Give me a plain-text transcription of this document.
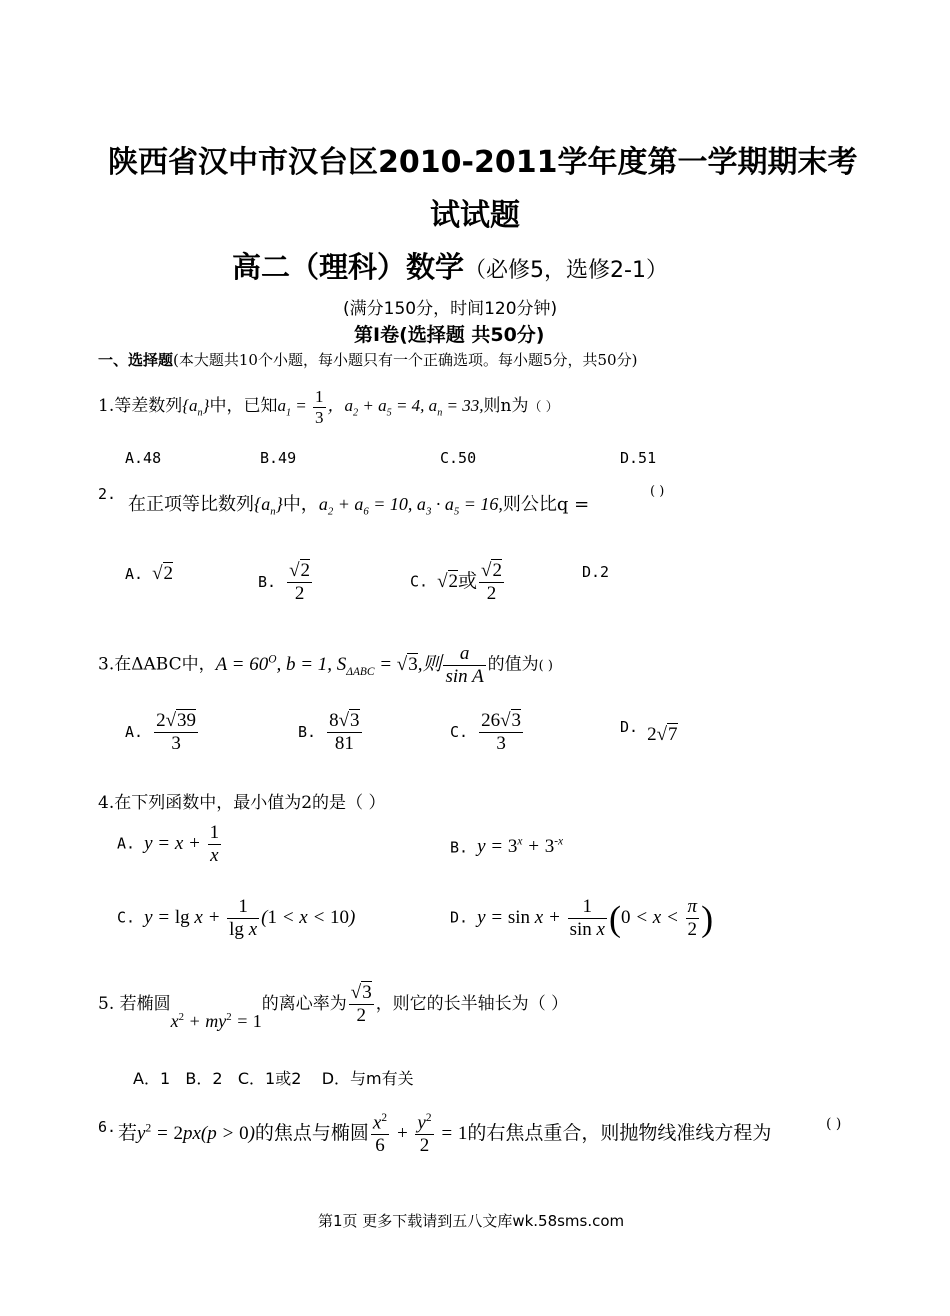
陕西省汉中市汉台区2010-2011学年度第一学期期末考
试试题
高二（理科）数学（必修5，选修2-1）
(满分150分，时间120分钟)
第I卷(选择题 共50分)
一、选择题(本大题共10个小题，每小题只有一个正确选项。每小题5分，共50分)
1.等差数列$\{a_n\}$中，已知$a_1 = \frac{1}{3}$ ，$a_2 + a_5 = 4$, $a_n = 33$,则n为（ ）
A.48	B.49	C.50	D.51
2. 在正项等比数列$\{a_n\}$中，$a_2 + a_6 = 10$, $a_3 \cdot a_5 = 16$,则公比q =
( )
A. √2	B. $\frac{√2}{2}$	C. √2或 $\frac{√2}{2}$	D.2
3.在ΔABC中，$A = 60^O$, b = 1, $S_{\Delta ABC} = √3$,则 $\frac{a}{\text{sin A}}$ 的值为( )
A. $\frac{2√39}{3}$	B. $\frac{8√3}{81}$	C. $\frac{26√3}{3}$	D. 2√7
4.在下列函数中，最小值为2的是（ ）
A. $y = x + \frac{1}{x}$	B. $y = 3^x + 3^{-x}$
C. $y = \lg x + \frac{1}{\text{lg x}} (1 < x < 10)$	D. $y = \sin x + \frac{1}{\text{sin x}} (0 < x < \frac{\pi}{2}$ )
5. 若椭圆$x^2 + my^2 = 1$的离心率为 $\frac{√3}{2}$ ，则它的长半轴长为（ ）
A．1 B．2 C．1或2 D．与m有关
6. 若$y^2 = 2px(p > 0)$的焦点与椭圆 $\frac{x^2}{6} + \frac{y^2}{2} = 1$的右焦点重合，则抛物线准线方程为	( )
第1页 更多下载请到五八文库wk.58sms.com
